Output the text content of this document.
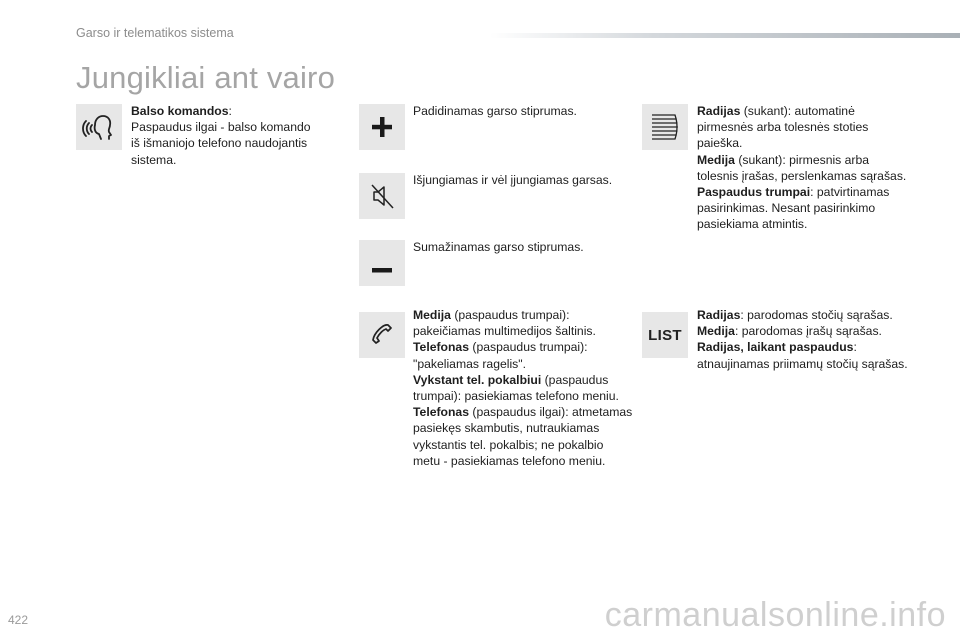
Garso ir telematikos sistema
Jungikliai ant vairo
Balso komandos:
Paspaudus ilgai - balso komando iš išmaniojo telefono naudojantis sistema.
Padidinamas garso stiprumas.
Išjungiamas ir vėl įjungiamas garsas.
Sumažinamas garso stiprumas.
Medija (paspaudus trumpai): pakeičiamas multimedijos šaltinis.
Telefonas (paspaudus trumpai): "pakeliamas ragelis".
Vykstant tel. pokalbiui (paspaudus trumpai): pasiekiamas telefono meniu.
Telefonas (paspaudus ilgai): atmetamas pasiekęs skambutis, nutraukiamas vykstantis tel. pokalbis; ne pokalbio metu - pasiekiamas telefono meniu.
Radijas (sukant): automatinė pirmesnės arba tolesnės stoties paieška.
Medija (sukant): pirmesnis arba tolesnis įrašas, perslenkamas sąrašas.
Paspaudus trumpai: patvirtinamas pasirinkimas. Nesant pasirinkimo pasiekiama atmintis.
LIST
Radijas: parodomas stočių sąrašas.
Medija: parodomas įrašų sąrašas.
Radijas, laikant paspaudus: atnaujinamas priimamų stočių sąrašas.
422	carmanualsonline.info
